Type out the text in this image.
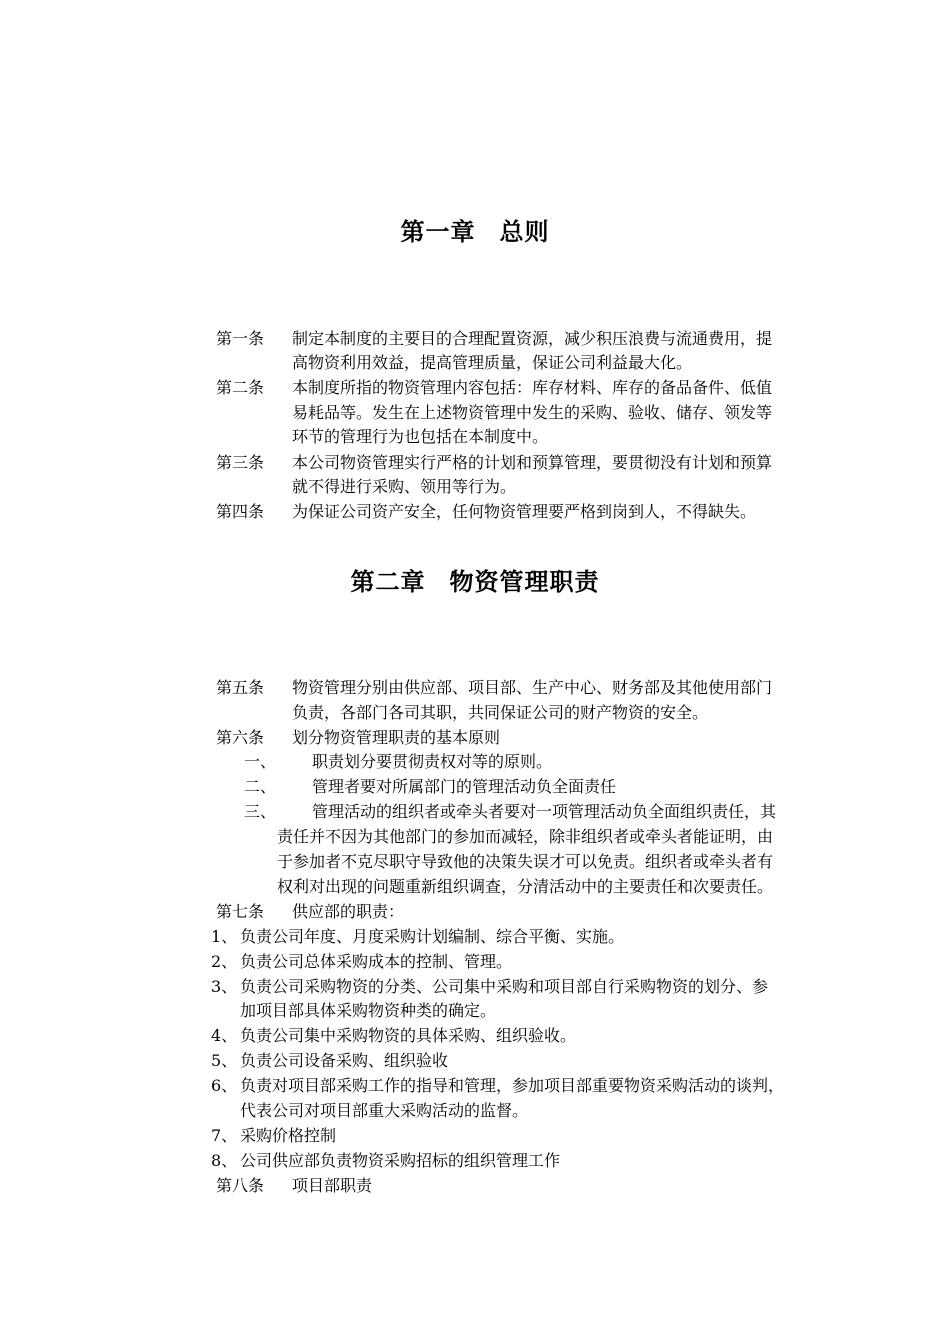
第一章 总则
第一条 制定本制度的主要目的合理配置资源，减少积压浪费与流通费用，提
高物资利用效益，提高管理质量，保证公司利益最大化。
第二条 本制度所指的物资管理内容包括：库存材料、库存的备品备件、低值
易耗品等。发生在上述物资管理中发生的采购、验收、储存、领发等
环节的管理行为也包括在本制度中。
第三条 本公司物资管理实行严格的计划和预算管理，要贯彻没有计划和预算
就不得进行采购、领用等行为。
第四条 为保证公司资产安全，任何物资管理要严格到岗到人，不得缺失。
第二章 物资管理职责
第五条 物资管理分别由供应部、项目部、生产中心、财务部及其他使用部门
负责，各部门各司其职，共同保证公司的财产物资的安全。
第六条 划分物资管理职责的基本原则
一、 职责划分要贯彻责权对等的原则。
二、 管理者要对所属部门的管理活动负全面责任
三、 管理活动的组织者或牵头者要对一项管理活动负全面组织责任，其
责任并不因为其他部门的参加而减轻，除非组织者或牵头者能证明，由
于参加者不克尽职守导致他的决策失误才可以免责。组织者或牵头者有
权利对出现的问题重新组织调查，分清活动中的主要责任和次要责任。
第七条 供应部的职责：
1、 负责公司年度、月度采购计划编制、综合平衡、实施。
2、 负责公司总体采购成本的控制、管理。
3、 负责公司采购物资的分类、公司集中采购和项目部自行采购物资的划分、参
加项目部具体采购物资种类的确定。
4、 负责公司集中采购物资的具体采购、组织验收。
5、 负责公司设备采购、组织验收
6、 负责对项目部采购工作的指导和管理，参加项目部重要物资采购活动的谈判，
代表公司对项目部重大采购活动的监督。
7、 采购价格控制
8、 公司供应部负责物资采购招标的组织管理工作
第八条 项目部职责
